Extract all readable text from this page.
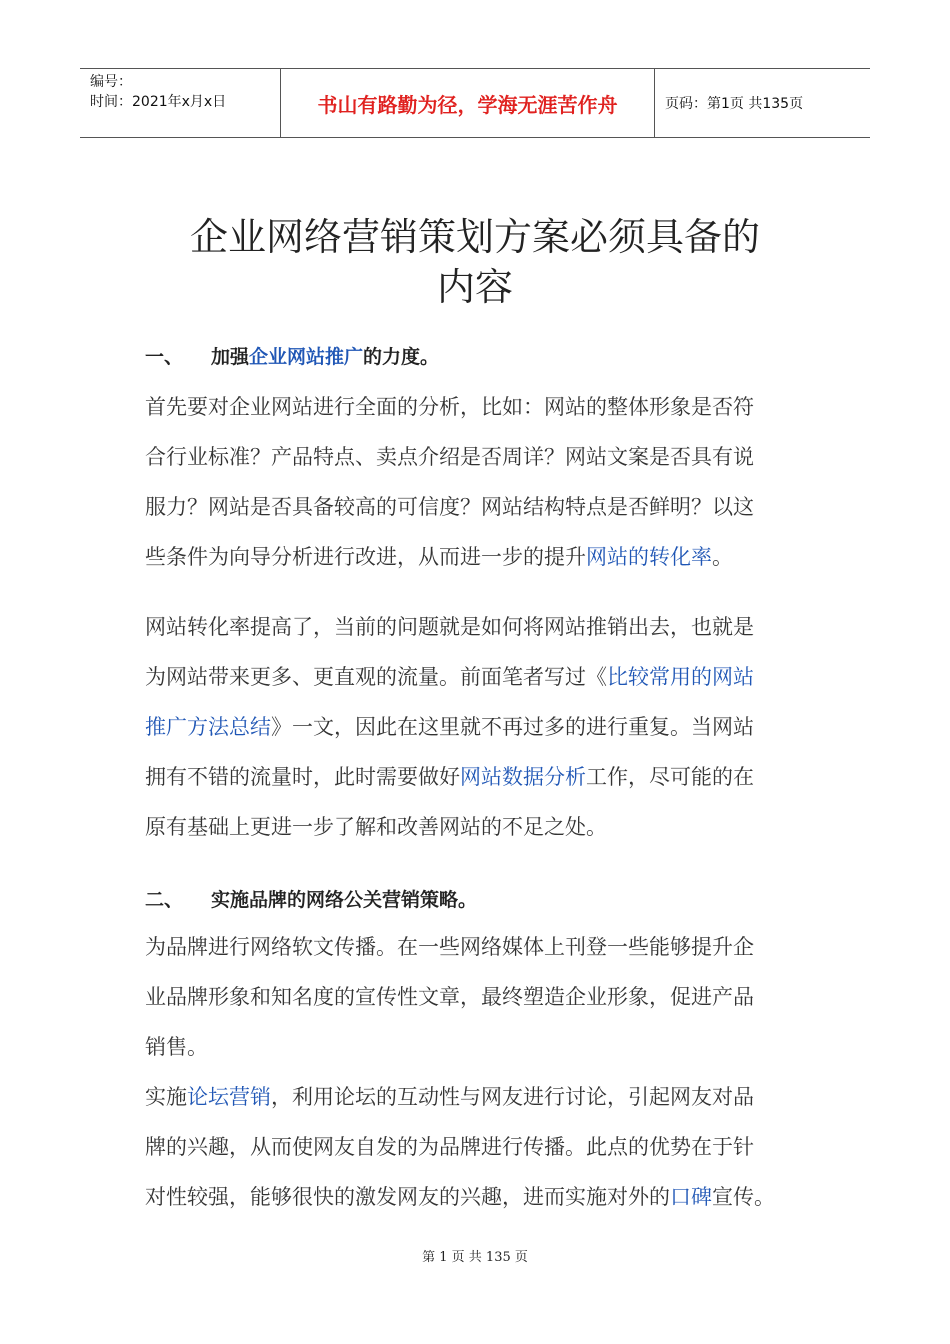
编号：
时间：2021年x月x日	书山有路勤为径，学海无涯苦作舟	页码：第1页 共135页
企业网络营销策划方案必须具备的
内容
一、 加强企业网站推广的力度。
首先要对企业网站进行全面的分析，比如：网站的整体形象是否符
合行业标准？产品特点、卖点介绍是否周详？网站文案是否具有说
服力？网站是否具备较高的可信度？网站结构特点是否鲜明？以这
些条件为向导分析进行改进，从而进一步的提升网站的转化率。
网站转化率提高了，当前的问题就是如何将网站推销出去，也就是
为网站带来更多、更直观的流量。前面笔者写过《比较常用的网站
推广方法总结》一文，因此在这里就不再过多的进行重复。当网站
拥有不错的流量时，此时需要做好网站数据分析工作，尽可能的在
原有基础上更进一步了解和改善网站的不足之处。
二、 实施品牌的网络公关营销策略。
为品牌进行网络软文传播。在一些网络媒体上刊登一些能够提升企
业品牌形象和知名度的宣传性文章，最终塑造企业形象，促进产品
销售。
实施论坛营销，利用论坛的互动性与网友进行讨论，引起网友对品
牌的兴趣，从而使网友自发的为品牌进行传播。此点的优势在于针
对性较强，能够很快的激发网友的兴趣，进而实施对外的口碑宣传。
第 1 页 共 135 页
